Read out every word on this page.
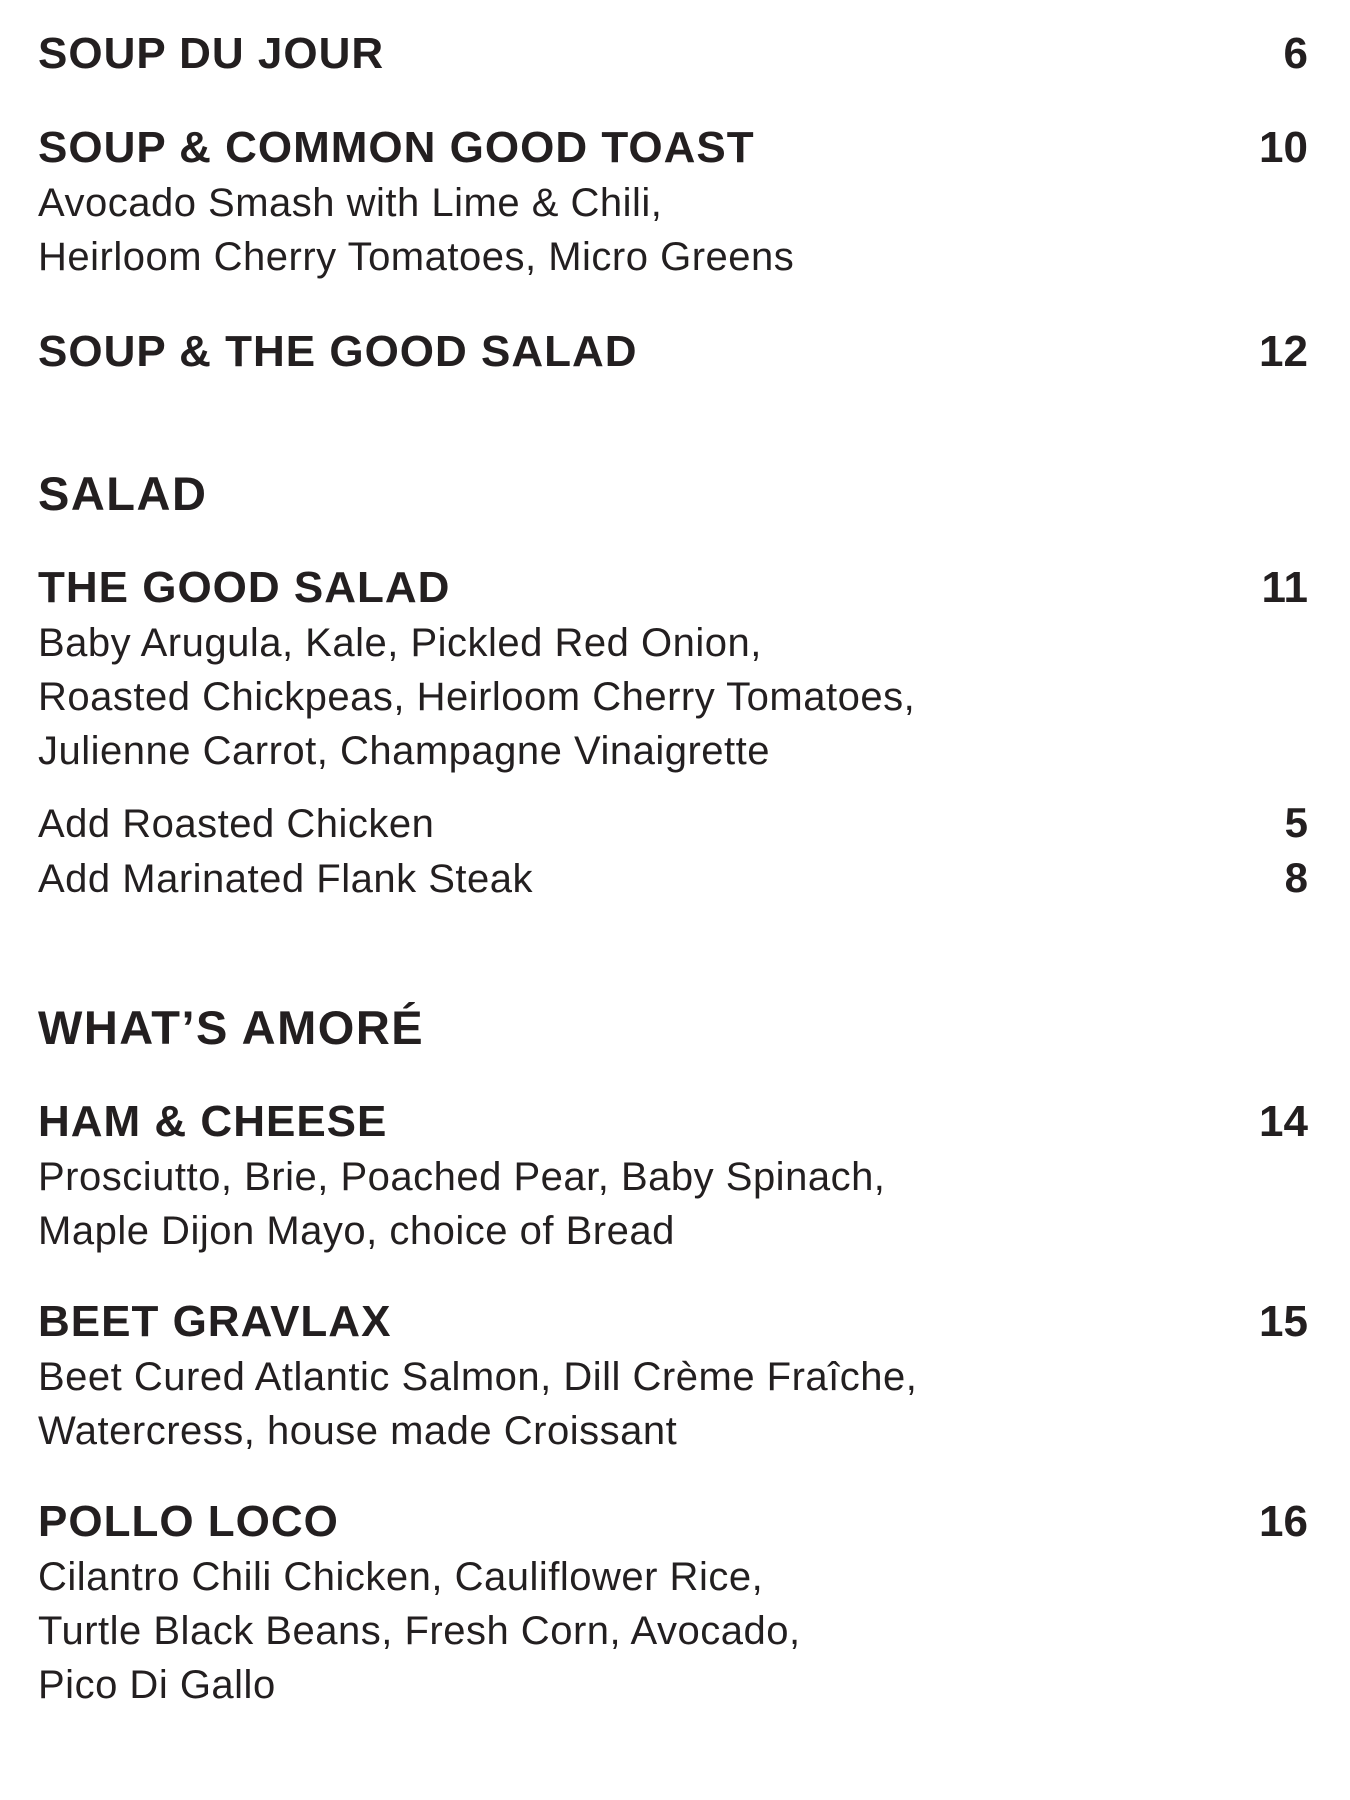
SOUP DU JOUR	6
SOUP & COMMON GOOD TOAST	10
Avocado Smash with Lime & Chili,
Heirloom Cherry Tomatoes, Micro Greens
SOUP & THE GOOD SALAD	12
SALAD
THE GOOD SALAD	11
Baby Arugula, Kale, Pickled Red Onion,
Roasted Chickpeas, Heirloom Cherry Tomatoes,
Julienne Carrot, Champagne Vinaigrette
Add Roasted Chicken	5
Add Marinated Flank Steak	8
WHAT’S AMORÉ
HAM & CHEESE	14
Prosciutto, Brie, Poached Pear, Baby Spinach,
Maple Dijon Mayo, choice of Bread
BEET GRAVLAX	15
Beet Cured Atlantic Salmon, Dill Crème Fraîche,
Watercress, house made Croissant
POLLO LOCO	16
Cilantro Chili Chicken, Cauliflower Rice,
Turtle Black Beans, Fresh Corn, Avocado,
Pico Di Gallo
